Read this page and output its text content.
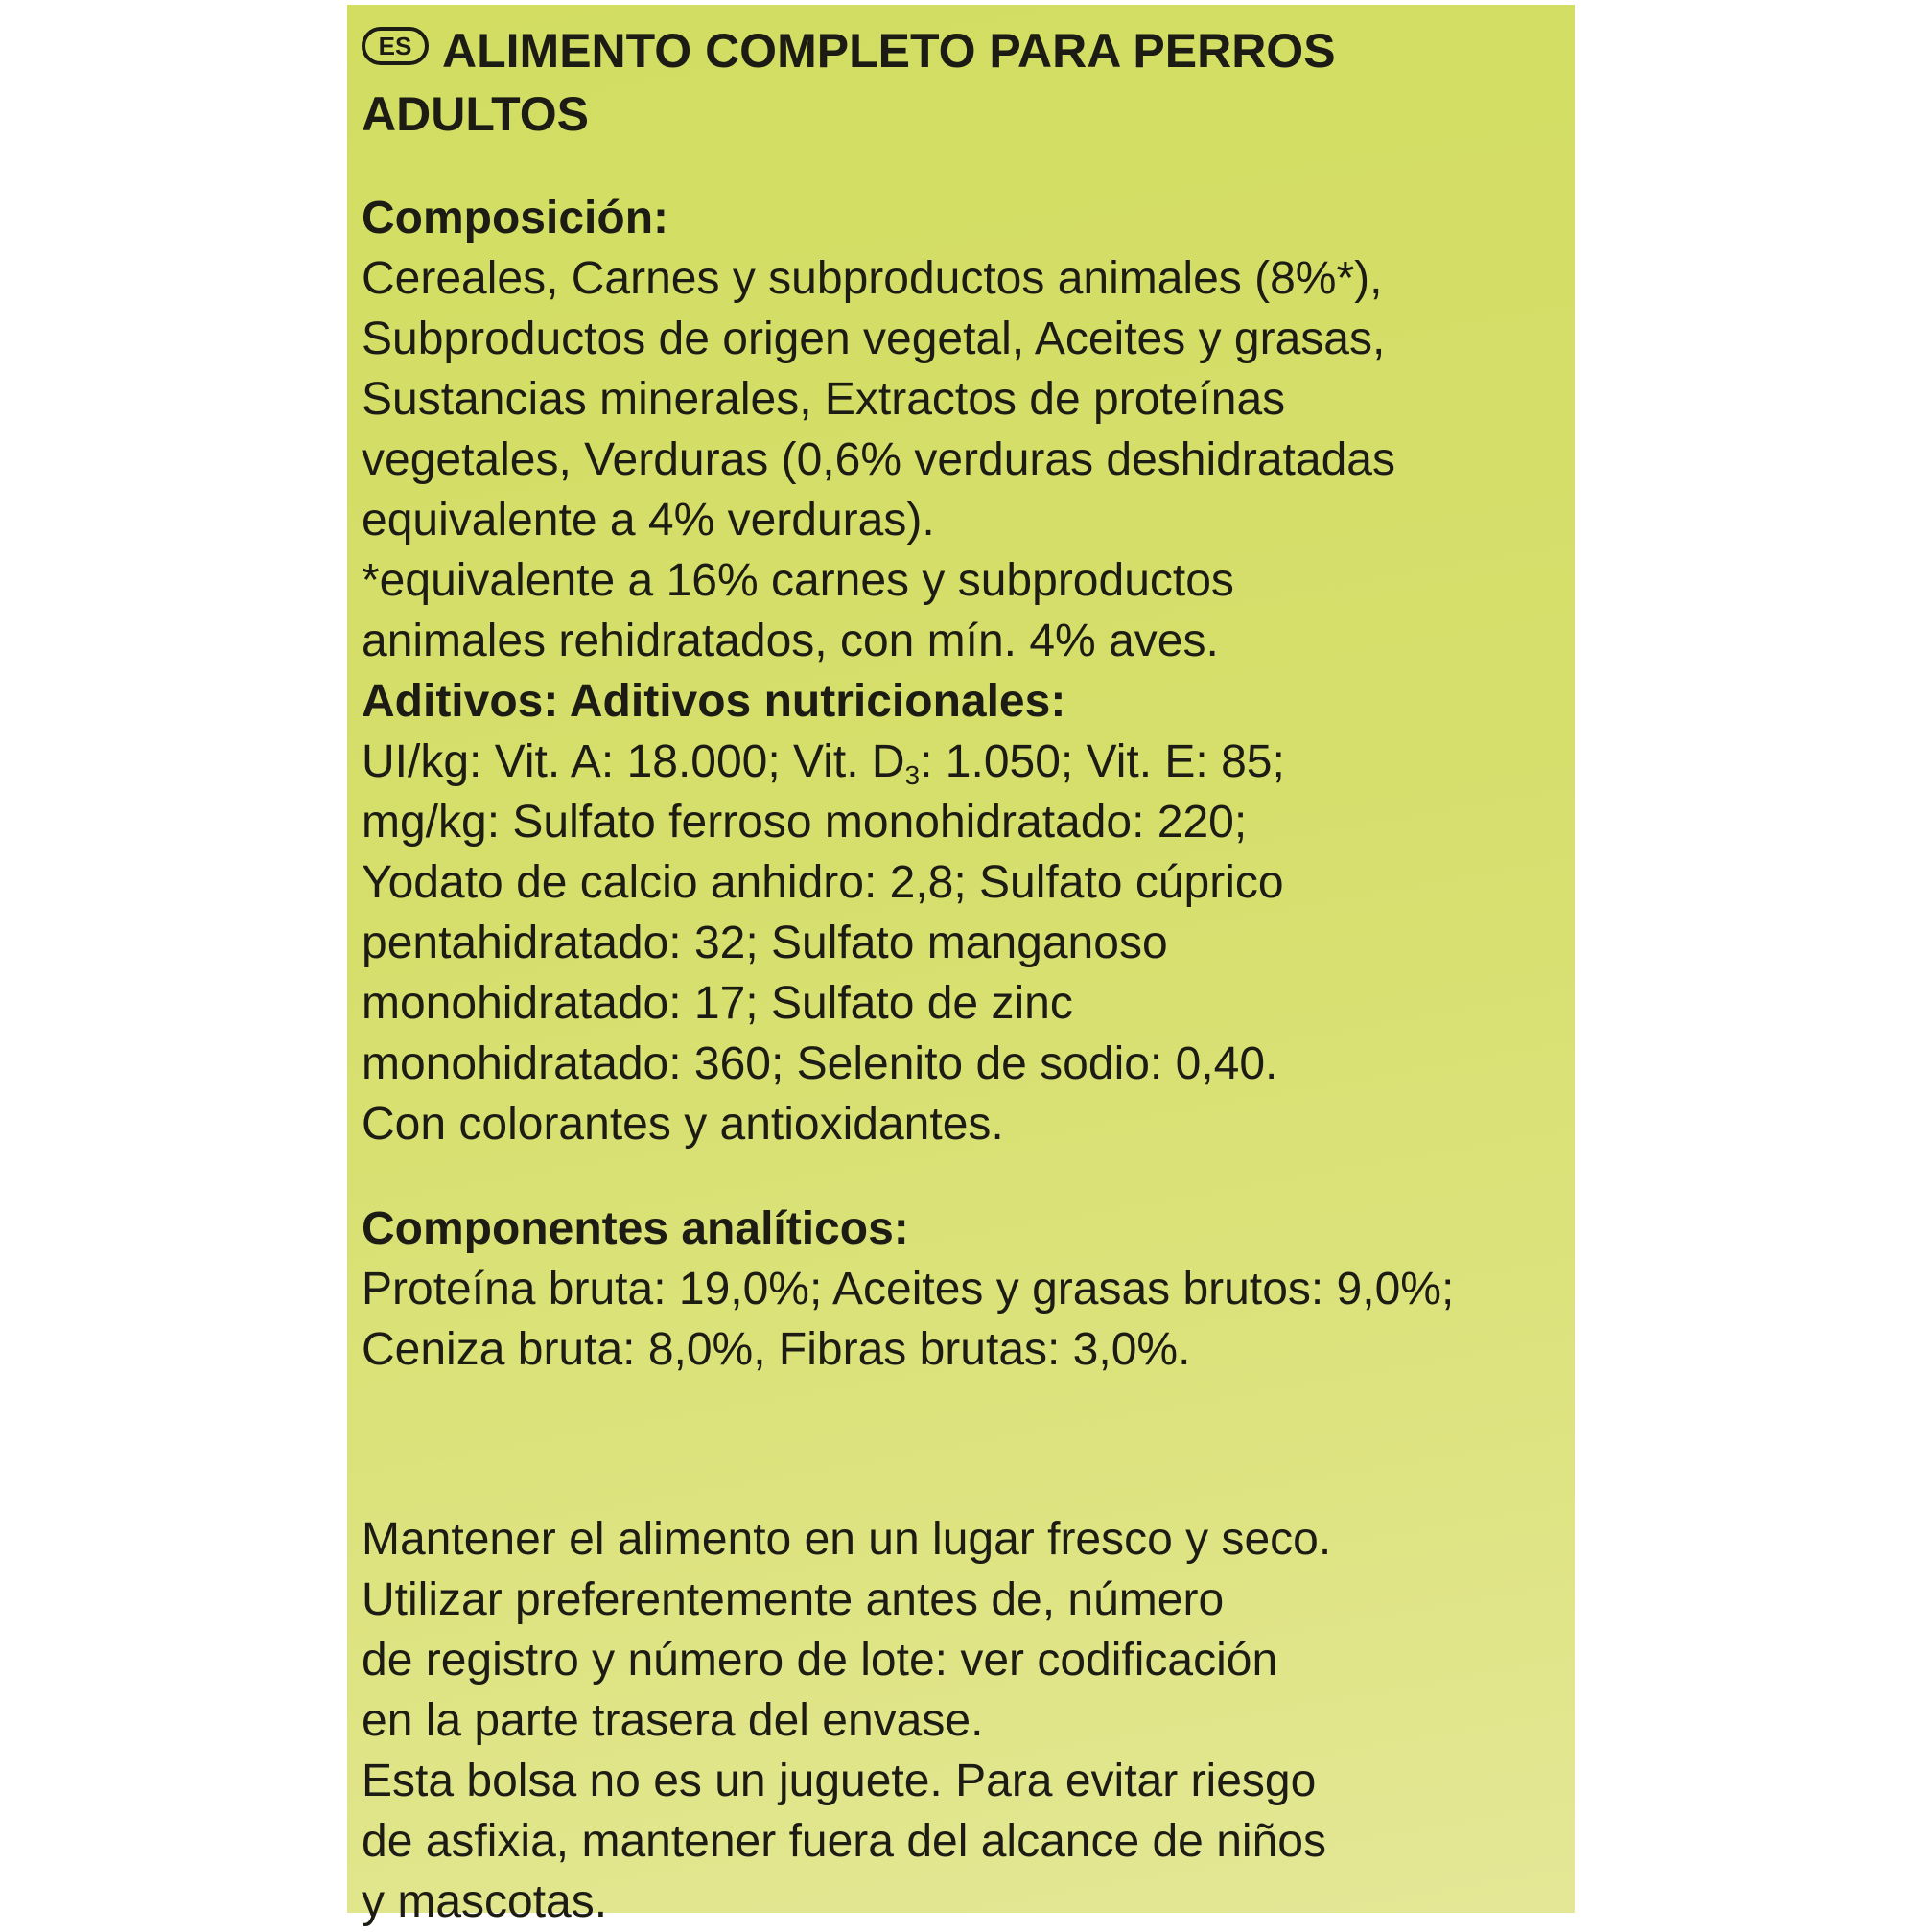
ES ALIMENTO COMPLETO PARA PERROS
ADULTOS
Composición:
Cereales, Carnes y subproductos animales (8%*),
Subproductos de origen vegetal, Aceites y grasas,
Sustancias minerales, Extractos de proteínas
vegetales, Verduras (0,6% verduras deshidratadas
equivalente a 4% verduras).
*equivalente a 16% carnes y subproductos
animales rehidratados, con mín. 4% aves.
Aditivos: Aditivos nutricionales:
UI/kg: Vit. A: 18.000; Vit. $D_3$: 1.050; Vit. E: 85;
mg/kg: Sulfato ferroso monohidratado: 220;
Yodato de calcio anhidro: 2,8; Sulfato cúprico
pentahidratado: 32; Sulfato manganoso
monohidratado: 17; Sulfato de zinc
monohidratado: 360; Selenito de sodio: 0,40.
Con colorantes y antioxidantes.
Componentes analíticos:
Proteína bruta: 19,0%; Aceites y grasas brutos: 9,0%;
Ceniza bruta: 8,0%, Fibras brutas: 3,0%.
Mantener el alimento en un lugar fresco y seco.
Utilizar preferentemente antes de, número
de registro y número de lote: ver codificación
en la parte trasera del envase.
Esta bolsa no es un juguete. Para evitar riesgo
de asfixia, mantener fuera del alcance de niños
y mascotas.
